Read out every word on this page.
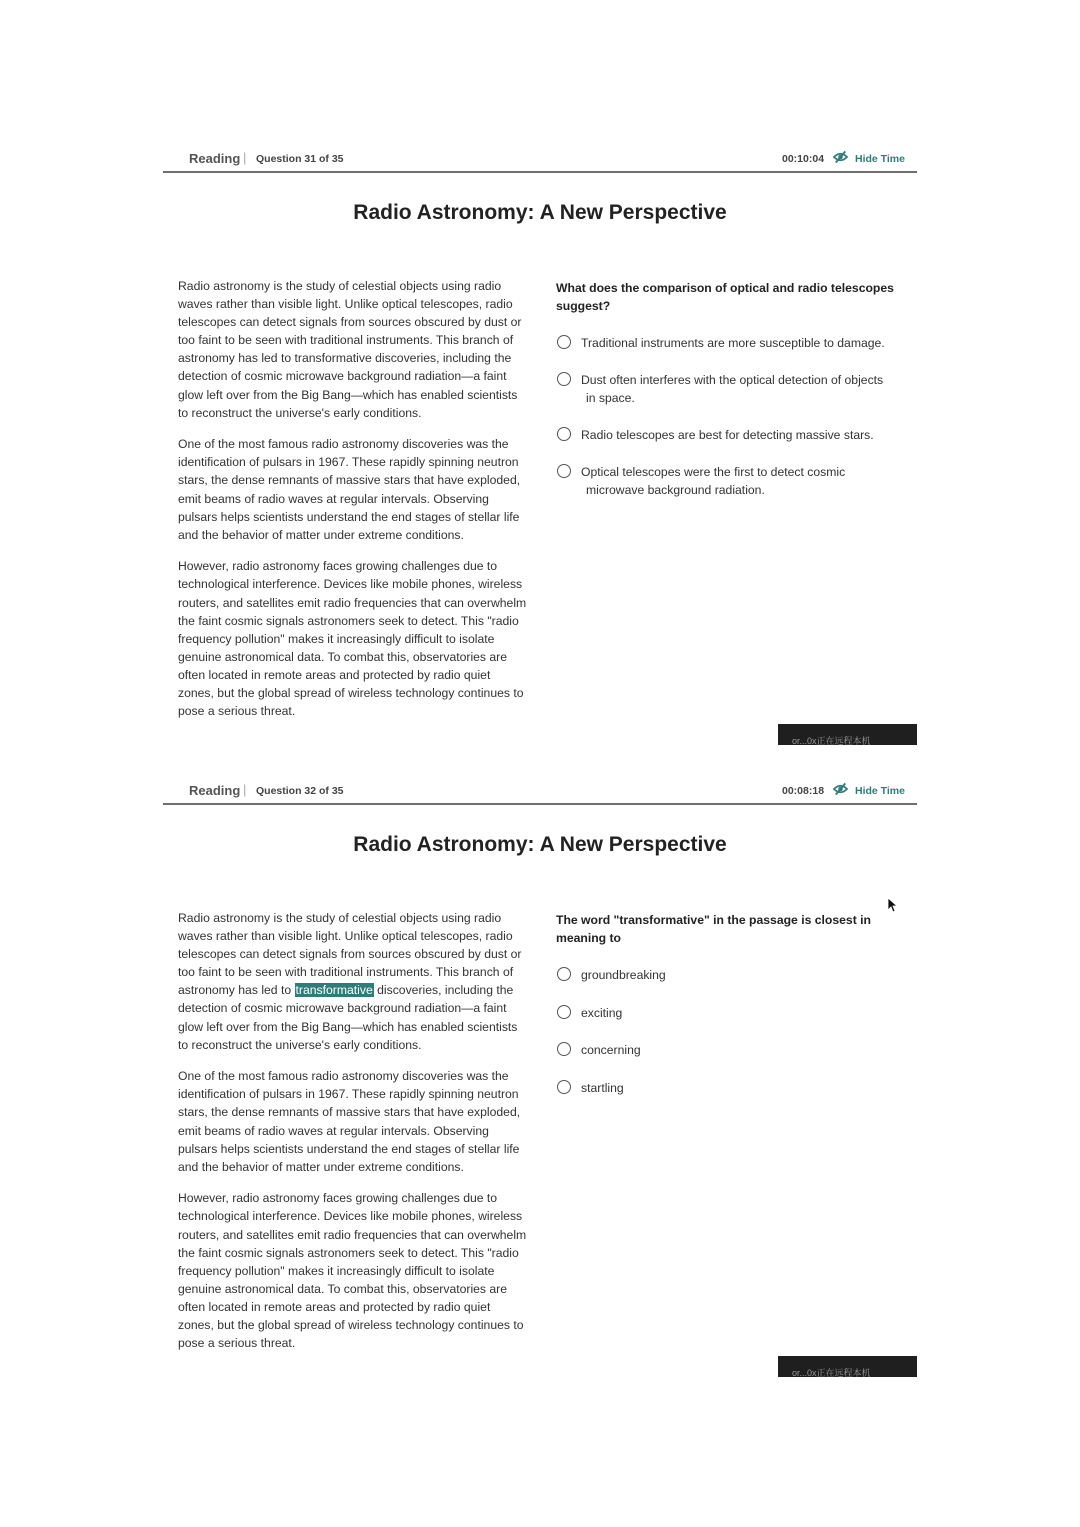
Reading | Question 31 of 35	00:10:04	Hide Time
Radio Astronomy: A New Perspective

Radio astronomy is the study of celestial objects using radio waves rather than visible light. Unlike optical telescopes, radio telescopes can detect signals from sources obscured by dust or too faint to be seen with traditional instruments. This branch of astronomy has led to transformative discoveries, including the detection of cosmic microwave background radiation—a faint glow left over from the Big Bang—which has enabled scientists to reconstruct the universe's early conditions.

One of the most famous radio astronomy discoveries was the identification of pulsars in 1967. These rapidly spinning neutron stars, the dense remnants of massive stars that have exploded, emit beams of radio waves at regular intervals. Observing pulsars helps scientists understand the end stages of stellar life and the behavior of matter under extreme conditions.

However, radio astronomy faces growing challenges due to technological interference. Devices like mobile phones, wireless routers, and satellites emit radio frequencies that can overwhelm the faint cosmic signals astronomers seek to detect. This "radio frequency pollution" makes it increasingly difficult to isolate genuine astronomical data. To combat this, observatories are often located in remote areas and protected by radio quiet zones, but the global spread of wireless technology continues to pose a serious threat.

What does the comparison of optical and radio telescopes suggest?
Traditional instruments are more susceptible to damage.
Dust often interferes with the optical detection of objects
in space.
Radio telescopes are best for detecting massive stars.
Optical telescopes were the first to detect cosmic
microwave background radiation.
or...0x正在远程本机
Reading | Question 32 of 35	00:08:18	Hide Time
Radio Astronomy: A New Perspective

Radio astronomy is the study of celestial objects using radio waves rather than visible light. Unlike optical telescopes, radio telescopes can detect signals from sources obscured by dust or too faint to be seen with traditional instruments. This branch of astronomy has led to transformative discoveries, including the detection of cosmic microwave background radiation—a faint glow left over from the Big Bang—which has enabled scientists to reconstruct the universe's early conditions.

One of the most famous radio astronomy discoveries was the identification of pulsars in 1967. These rapidly spinning neutron stars, the dense remnants of massive stars that have exploded, emit beams of radio waves at regular intervals. Observing pulsars helps scientists understand the end stages of stellar life and the behavior of matter under extreme conditions.

However, radio astronomy faces growing challenges due to technological interference. Devices like mobile phones, wireless routers, and satellites emit radio frequencies that can overwhelm the faint cosmic signals astronomers seek to detect. This "radio frequency pollution" makes it increasingly difficult to isolate genuine astronomical data. To combat this, observatories are often located in remote areas and protected by radio quiet zones, but the global spread of wireless technology continues to pose a serious threat.

The word "transformative" in the passage is closest in meaning to
groundbreaking
exciting
concerning
startling
or...0x正在远程本机
